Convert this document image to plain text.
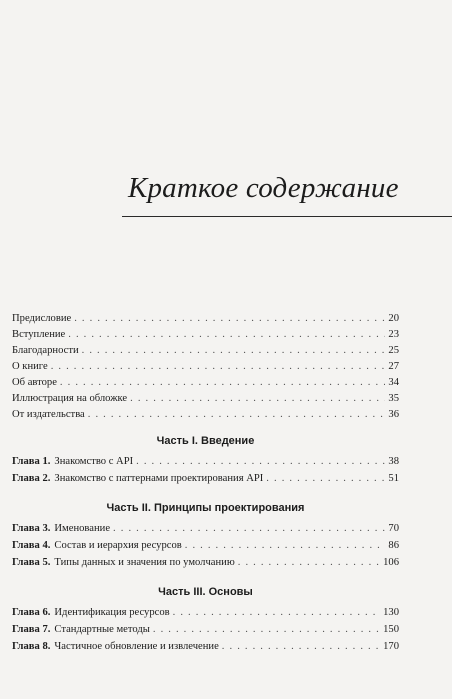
Краткое содержание
Предисловие . . .	20
Вступление . . .	23
Благодарности . . .	25
О книге . . .	27
Об авторе . . .	34
Иллюстрация на обложке . . .	35
От издательства . . .	36
Часть I. Введение
Глава 1. Знакомство с API . . .	38
Глава 2. Знакомство с паттернами проектирования API . . .	51
Часть II. Принципы проектирования
Глава 3. Именование . . .	70
Глава 4. Состав и иерархия ресурсов . . .	86
Глава 5. Типы данных и значения по умолчанию . . .	106
Часть III. Основы
Глава 6. Идентификация ресурсов . . .	130
Глава 7. Стандартные методы . . .	150
Глава 8. Частичное обновление и извлечение . . .	170
